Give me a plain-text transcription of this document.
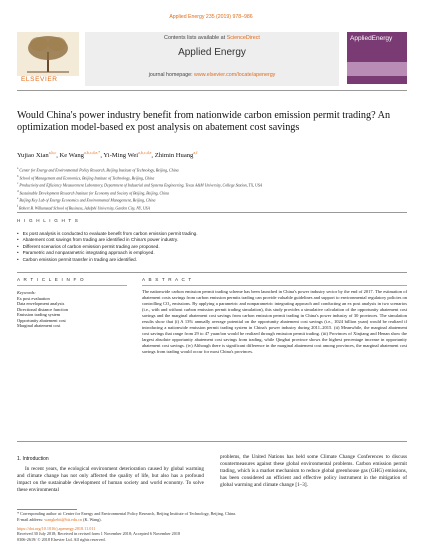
Applied Energy 235 (2019) 978–986
ELSEVIER
Contents lists available at ScienceDirect
Applied Energy
journal homepage: www.elsevier.com/locate/apenergy
AppliedEnergy
Would China's power industry benefit from nationwide carbon emission permit trading? An optimization model-based ex post analysis on abatement cost savings
Yujiao Xian$^{a,b,c}$, Ke Wang$^{a,b,c,d,e,*}$, Yi-Ming Wei$^{a,b,c,d,e}$, Zhimin Huang$^{a,f}$
$^a$ Center for Energy and Environmental Policy Research, Beijing Institute of Technology, Beijing, China
$^b$ School of Management and Economics, Beijing Institute of Technology, Beijing, China
$^c$ Productivity and Efficiency Measurement Laboratory, Department of Industrial and Systems Engineering, Texas A&M University, College Station, TX, USA
$^d$ Sustainable Development Research Institute for Economy and Society of Beijing, Beijing, China
$^e$ Beijing Key Lab of Energy Economics and Environmental Management, Beijing, China
$^f$ Robert B. Willumstad School of Business, Adelphi University, Garden City, NY, USA
H I G H L I G H T S
• Ex post analysis is conducted to evaluate benefit from carbon emission permit trading.
• Abatement cost savings from trading are identified in China's power industry.
• Different scenarios of carbon emission permit trading are proposed.
• Parametric and nonparametric integrating approach is employed.
• Carbon emission permit transfer in trading are identified.
A R T I C L E I N F O
Keywords:
Ex post evaluation
Data envelopment analysis
Directional distance function
Emission trading system
Opportunity abatement cost
Marginal abatement cost
A B S T R A C T
The nationwide carbon emission permit trading scheme has been launched in China's power industry sector by the end of 2017. The estimation of abatement costs savings from carbon emission permits trading can provide valuable guidelines and support to environmental regulatory policies on controlling CO₂ emissions. By applying a parametric and nonparametric integrating approach and conducting an ex post analysis in two scenarios (i.e., with and without carbon emission permit trading simulation), this study provides a simulative calculation of the opportunity abatement cost savings and the marginal abatement cost savings from carbon emission permit trading in China's power industry of 30 provinces. The simulation results show that (i) A 13% annually average potential on the opportunity abatement cost savings (i.e., 1024 billion yuan) would be realized if introducing a nationwide emission permit trading system in China's power industry during 2011–2015. (ii) Meanwhile, the marginal abatement cost savings that range from 29 to 47 yuan/ton would be realized through emission permit trading. (iii) Provinces of Xinjiang and Henan show the largest absolute opportunity abatement cost savings from trading, while Qinghai province shows the highest percentage increase in opportunity abatement cost savings. (iv) Although there is significant difference in the marginal abatement cost among provinces, the marginal abatement cost savings from trading would occur for most China's provinces.
1. Introduction
In recent years, the ecological environment deterioration caused by global warming and climate change has not only affected the quality of life, but also has a profound impact on the sustainable development of human society and world economy. To solve these environmental
problems, the United Nations has held some Climate Change Conferences to discuss countermeasures against these global environmental problems. Carbon emission permit trading, which is a market mechanism to reduce global greenhouse gas (GHG) emissions, has been considered an efficient and effective policy instrument in the mitigation of global warming and climate change [1–3].
* Corresponding author at: Center for Energy and Environmental Policy Research, Beijing Institute of Technology, Beijing, China.
E-mail address: wangkebit@bit.edu.cn (K. Wang).
https://doi.org/10.1016/j.apenergy.2018.11.011
Received 30 July 2018; Received in revised form 1 November 2018; Accepted 6 November 2018
0306-2619/ © 2018 Elsevier Ltd. All rights reserved.
